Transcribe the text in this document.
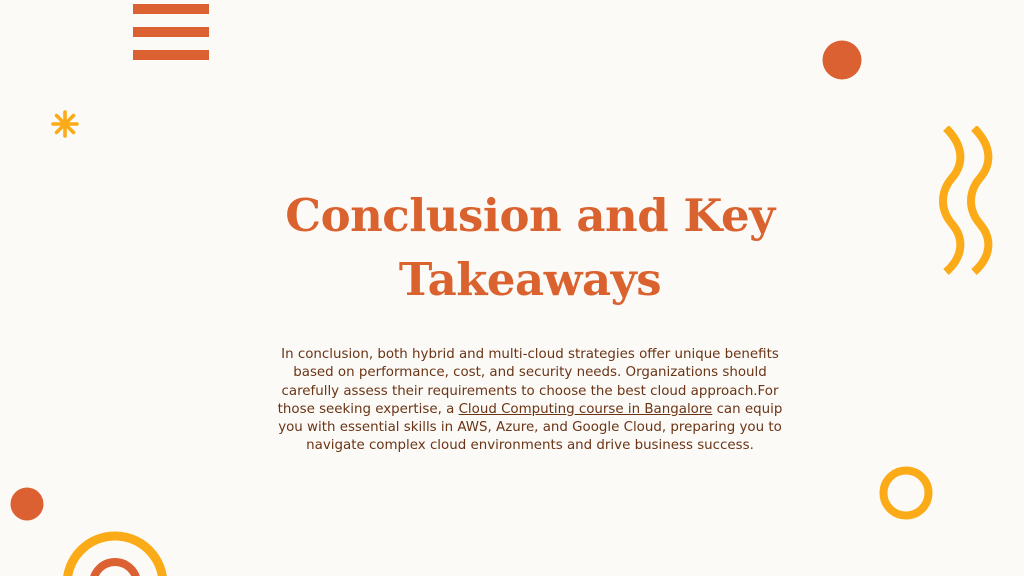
Conclusion and Key
Takeaways

In conclusion, both hybrid and multi-cloud strategies offer unique benefits based on performance, cost, and security needs. Organizations should carefully assess their requirements to choose the best cloud approach.For those seeking expertise, a Cloud Computing course in Bangalore can equip you with essential skills in AWS, Azure, and Google Cloud, preparing you to navigate complex cloud environments and drive business success.
